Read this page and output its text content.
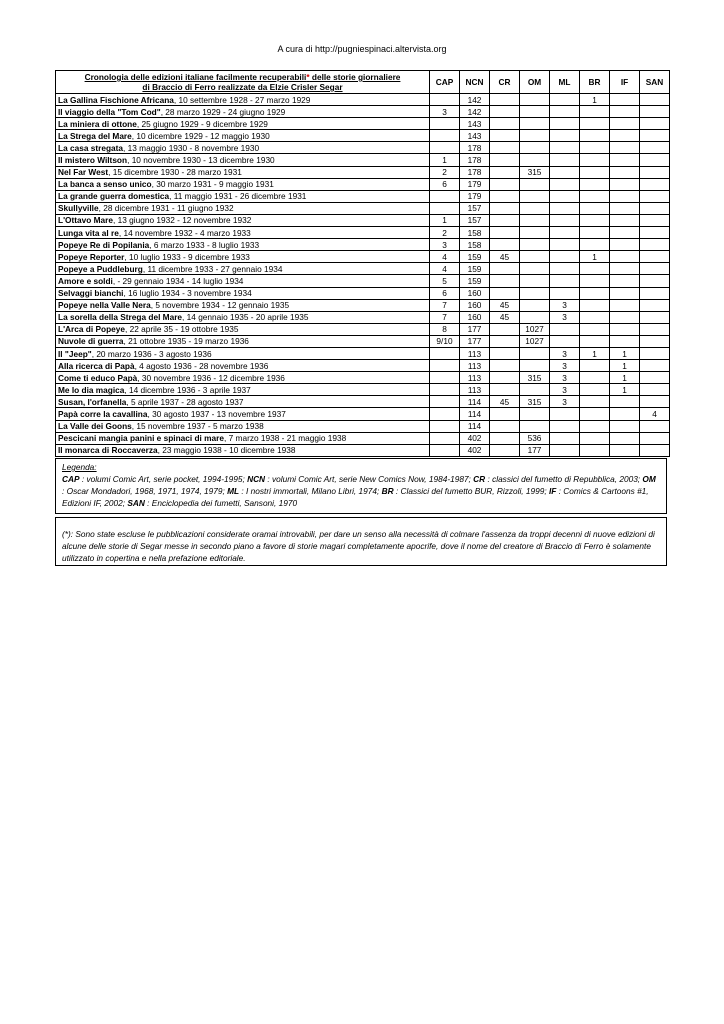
A cura di http://pugniespinaci.altervista.org
Cronologia delle edizioni italiane facilmente recuperabili* delle storie giornaliere
di Braccio di Ferro realizzate da Elzie Crisler Segar	CAP	NCN	CR	OM	ML	BR	IF	SAN
La Gallina Fischione Africana, 10 settembre 1928 - 27 marzo 1929		142				1		
Il viaggio della "Tom Cod", 28 marzo 1929 - 24 giugno 1929	3	142						
La miniera di ottone, 25 giugno 1929 - 9 dicembre 1929		143						
La Strega del Mare, 10 dicembre 1929 - 12 maggio 1930		143						
La casa stregata, 13 maggio 1930 - 8 novembre 1930		178						
Il mistero Wiltson, 10 novembre 1930 - 13 dicembre 1930	1	178						
Nel Far West, 15 dicembre 1930 - 28 marzo 1931	2	178		315				
La banca a senso unico, 30 marzo 1931 - 9 maggio 1931	6	179						
La grande guerra domestica, 11 maggio 1931 - 26 dicembre 1931		179						
Skullyville, 28 dicembre 1931 - 11 giugno 1932		157						
L'Ottavo Mare, 13 giugno 1932 - 12 novembre 1932	1	157						
Lunga vita al re, 14 novembre 1932 - 4 marzo 1933	2	158						
Popeye Re di Popilania, 6 marzo 1933 - 8 luglio 1933	3	158						
Popeye Reporter, 10 luglio 1933 - 9 dicembre 1933	4	159	45			1		
Popeye a Puddleburg, 11 dicembre 1933 - 27 gennaio 1934	4	159						
Amore e soldi, - 29 gennaio 1934 - 14 luglio 1934	5	159						
Selvaggi bianchi, 16 luglio 1934 - 3 novembre 1934	6	160						
Popeye nella Valle Nera, 5 novembre 1934 - 12 gennaio 1935	7	160	45		3			
La sorella della Strega del Mare, 14 gennaio 1935 - 20 aprile 1935	7	160	45		3			
L'Arca di Popeye, 22 aprile 35 - 19 ottobre 1935	8	177		1027				
Nuvole di guerra, 21 ottobre 1935 - 19 marzo 1936	9/10	177		1027				
Il "Jeep", 20 marzo 1936 - 3 agosto 1936		113			3	1	1	
Alla ricerca di Papà, 4 agosto 1936 - 28 novembre 1936		113			3		1	
Come ti educo Papà, 30 novembre 1936 - 12 dicembre 1936		113		315	3		1	
Me lo dia magica, 14 dicembre 1936 - 3 aprile 1937		113			3		1	
Susan, l'orfanella, 5 aprile 1937 - 28 agosto 1937		114	45	315	3			
Papà corre la cavallina, 30 agosto 1937 - 13 novembre 1937		114						4
La Valle dei Goons, 15 novembre 1937 - 5 marzo 1938		114						
Pescicani mangia panini e spinaci di mare, 7 marzo 1938 - 21 maggio 1938		402		536				
Il monarca di Roccaverza, 23 maggio 1938 - 10 dicembre 1938		402		177				
Legenda:
CAP : volumi Comic Art, serie pocket, 1994-1995; NCN : volumi Comic Art, serie New Comics Now, 1984-1987; CR : classici del fumetto di Repubblica, 2003; OM : Oscar Mondadori, 1968, 1971, 1974, 1979; ML : I nostri immortali, Milano Libri, 1974; BR : Classici del fumetto BUR, Rizzoli, 1999; IF : Comics & Cartoons #1, Edizioni IF, 2002; SAN : Enciclopedia dei fumetti, Sansoni, 1970
(*): Sono state escluse le pubblicazioni considerate oramai introvabili, per dare un senso alla necessità di colmare l'assenza da troppi decenni di nuove edizioni di alcune delle storie di Segar messe in secondo piano a favore di storie magari completamente apocrife, dove il nome del creatore di Braccio di Ferro è solamente utilizzato in copertina e nella prefazione editoriale.
